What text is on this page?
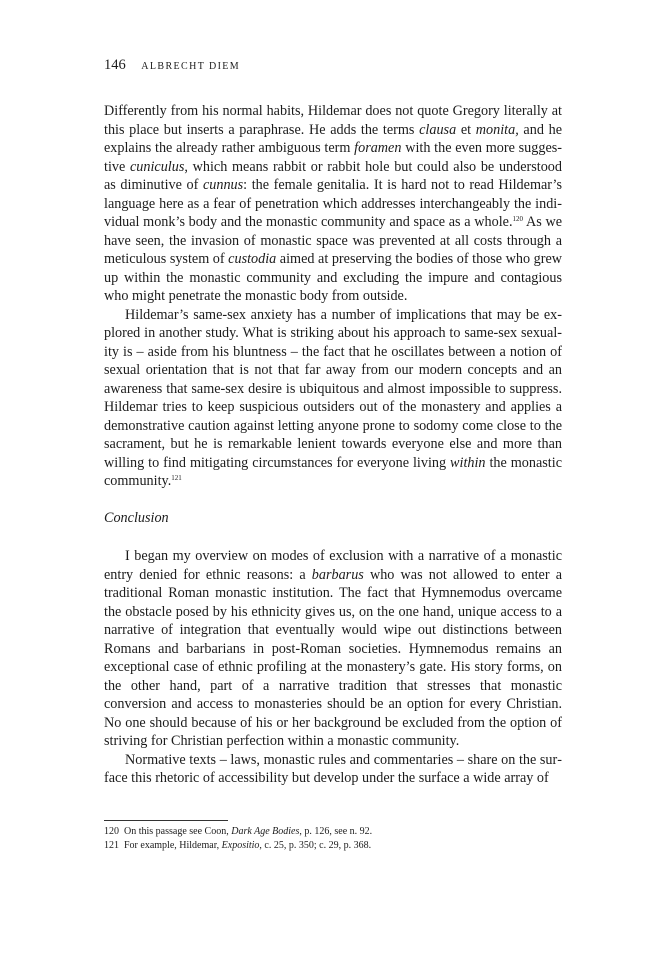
146 ALBRECHT DIEM

Differently from his normal habits, Hildemar does not quote Gregory literally at this place but inserts a paraphrase. He adds the terms clausa et monita, and he explains the already rather ambiguous term foramen with the even more suggestive cuniculus, which means rabbit or rabbit hole but could also be understood as diminutive of cunnus: the female genitalia. It is hard not to read Hildemar’s language here as a fear of penetration which addresses interchangeably the individual monk’s body and the monastic community and space as a whole.$^{120}$ As we have seen, the invasion of monastic space was prevented at all costs through a meticulous system of custodia aimed at preserving the bodies of those who grew up within the monastic community and excluding the impure and contagious who might penetrate the monastic body from outside.

Hildemar’s same-sex anxiety has a number of implications that may be explored in another study. What is striking about his approach to same-sex sexuality is – aside from his bluntness – the fact that he oscillates between a notion of sexual orientation that is not that far away from our modern concepts and an awareness that same-sex desire is ubiquitous and almost impossible to suppress. Hildemar tries to keep suspicious outsiders out of the monastery and applies a demonstrative caution against letting anyone prone to sodomy come close to the sacrament, but he is remarkable lenient towards everyone else and more than willing to find mitigating circumstances for everyone living within the monastic community.$^{121}$

Conclusion

I began my overview on modes of exclusion with a narrative of a monastic entry denied for ethnic reasons: a barbarus who was not allowed to enter a traditional Roman monastic institution. The fact that Hymnemodus overcame the obstacle posed by his ethnicity gives us, on the one hand, unique access to a narrative of integration that eventually would wipe out distinctions between Romans and barbarians in post-Roman societies. Hymnemodus remains an exceptional case of ethnic profiling at the monastery’s gate. His story forms, on the other hand, part of a narrative tradition that stresses that monastic conversion and access to monasteries should be an option for every Christian. No one should because of his or her background be excluded from the option of striving for Christian perfection within a monastic community.

Normative texts – laws, monastic rules and commentaries – share on the surface this rhetoric of accessibility but develop under the surface a wide array of

120 On this passage see Coon, Dark Age Bodies, p. 126, see n. 92.
121 For example, Hildemar, Expositio, c. 25, p. 350; c. 29, p. 368.
